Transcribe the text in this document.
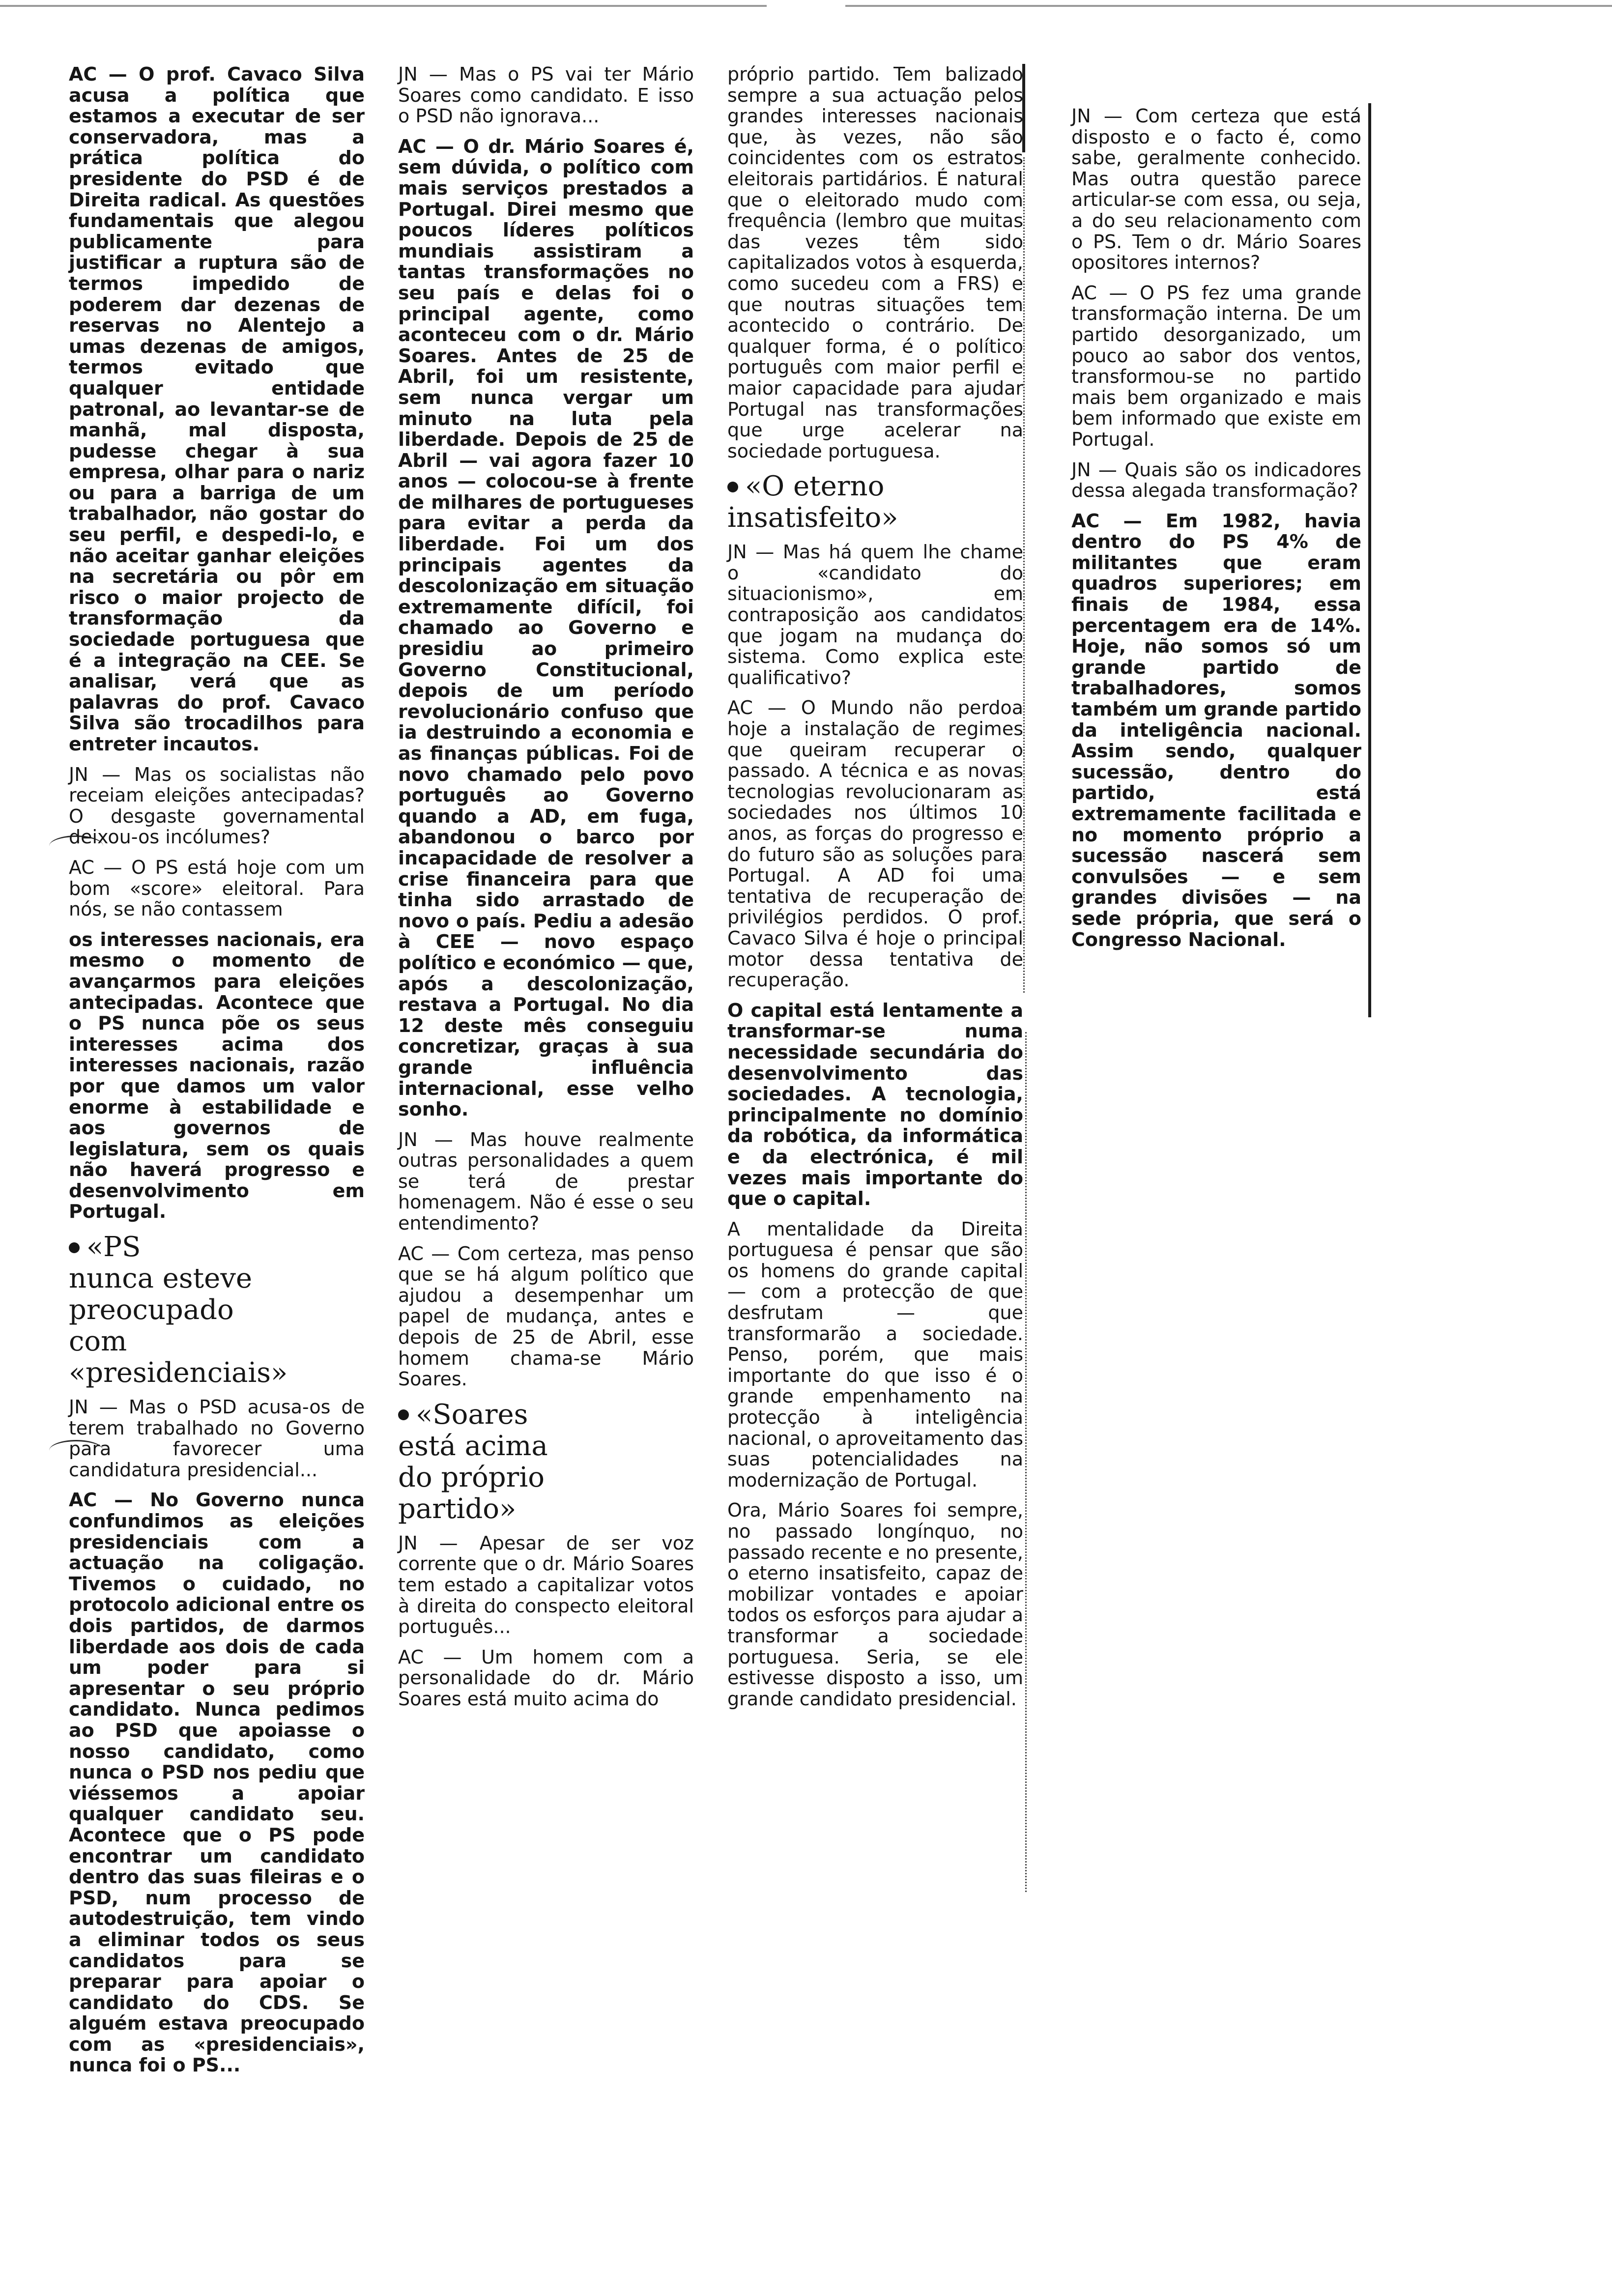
AC — O prof. Cavaco Silva acusa a política que estamos a executar de ser conservadora, mas a prática política do presidente do PSD é de Direita radical. As questões fundamentais que alegou publicamente para justificar a ruptura são de termos impedido de poderem dar dezenas de reservas no Alentejo a umas dezenas de amigos, termos evitado que qualquer entidade patronal, ao levantar-se de manhã, mal disposta, pudesse chegar à sua empresa, olhar para o nariz ou para a barriga de um trabalhador, não gostar do seu perfil, e despedi-lo, e não aceitar ganhar eleições na secretária ou pôr em risco o maior projecto de transformação da sociedade portuguesa que é a integração na CEE. Se analisar, verá que as palavras do prof. Cavaco Silva são trocadilhos para entreter incautos.

JN — Mas os socialistas não receiam eleições antecipadas? O desgaste governamental deixou-os incólumes?

AC — O PS está hoje com um bom «score» eleitoral. Para nós, se não contassem

os interesses nacionais, era mesmo o momento de avançarmos para eleições antecipadas. Acontece que o PS nunca põe os seus interesses acima dos interesses nacionais, razão por que damos um valor enorme à estabilidade e aos governos de legislatura, sem os quais não haverá progresso e desenvolvimento em Portugal.

«PS
nunca esteve
preocupado
com
«presidenciais»

JN — Mas o PSD acusa-os de terem trabalhado no Governo para favorecer uma candidatura presidencial...

AC — No Governo nunca confundimos as eleições presidenciais com a actuação na coligação. Tivemos o cuidado, no protocolo adicional entre os dois partidos, de darmos liberdade aos dois de cada um poder para si apresentar o seu próprio candidato. Nunca pedimos ao PSD que apoiasse o nosso candidato, como nunca o PSD nos pediu que viéssemos a apoiar qualquer candidato seu. Acontece que o PS pode encontrar um candidato dentro das suas fileiras e o PSD, num processo de autodestruição, tem vindo a eliminar todos os seus candidatos para se preparar para apoiar o candidato do CDS. Se alguém estava preocupado com as «presidenciais», nunca foi o PS...

JN — Mas o PS vai ter Mário Soares como candidato. E isso o PSD não ignorava...

AC — O dr. Mário Soares é, sem dúvida, o político com mais serviços prestados a Portugal. Direi mesmo que poucos líderes políticos mundiais assistiram a tantas transformações no seu país e delas foi o principal agente, como aconteceu com o dr. Mário Soares. Antes de 25 de Abril, foi um resistente, sem nunca vergar um minuto na luta pela liberdade. Depois de 25 de Abril — vai agora fazer 10 anos — colocou-se à frente de milhares de portugueses para evitar a perda da liberdade. Foi um dos principais agentes da descolonização em situação extremamente difícil, foi chamado ao Governo e presidiu ao primeiro Governo Constitucional, depois de um período revolucionário confuso que ia destruindo a economia e as finanças públicas. Foi de novo chamado pelo povo português ao Governo quando a AD, em fuga, abandonou o barco por incapacidade de resolver a crise financeira para que tinha sido arrastado de novo o país. Pediu a adesão à CEE — novo espaço político e económico — que, após a descolonização, restava a Portugal. No dia 12 deste mês conseguiu concretizar, graças à sua grande influência internacional, esse velho sonho.

JN — Mas houve realmente outras personalidades a quem se terá de prestar homenagem. Não é esse o seu entendimento?

AC — Com certeza, mas penso que se há algum político que ajudou a desempenhar um papel de mudança, antes e depois de 25 de Abril, esse homem chama-se Mário Soares.

«Soares
está acima
do próprio
partido»

JN — Apesar de ser voz corrente que o dr. Mário Soares tem estado a capitalizar votos à direita do conspecto eleitoral português...

AC — Um homem com a personalidade do dr. Mário Soares está muito acima do

próprio partido. Tem balizado sempre a sua actuação pelos grandes interesses nacionais que, às vezes, não são coincidentes com os estratos eleitorais partidários. É natural que o eleitorado mudo com frequência (lembro que muitas das vezes têm sido capitalizados votos à esquerda, como sucedeu com a FRS) e que noutras situações tem acontecido o contrário. De qualquer forma, é o político português com maior perfil e maior capacidade para ajudar Portugal nas transformações que urge acelerar na sociedade portuguesa.

«O eterno
insatisfeito»

JN — Mas há quem lhe chame o «candidato do situacionismo», em contraposição aos candidatos que jogam na mudança do sistema. Como explica este qualificativo?

AC — O Mundo não perdoa hoje a instalação de regimes que queiram recuperar o passado. A técnica e as novas tecnologias revolucionaram as sociedades nos últimos 10 anos, as forças do progresso e do futuro são as soluções para Portugal. A AD foi uma tentativa de recuperação de privilégios perdidos. O prof. Cavaco Silva é hoje o principal motor dessa tentativa de recuperação.

O capital está lentamente a transformar-se numa necessidade secundária do desenvolvimento das sociedades. A tecnologia, principalmente no domínio da robótica, da informática e da electrónica, é mil vezes mais importante do que o capital.

A mentalidade da Direita portuguesa é pensar que são os homens do grande capital — com a protecção de que desfrutam — que transformarão a sociedade. Penso, porém, que mais importante do que isso é o grande empenhamento na protecção à inteligência nacional, o aproveitamento das suas potencialidades na modernização de Portugal.

Ora, Mário Soares foi sempre, no passado longínquo, no passado recente e no presente, o eterno insatisfeito, capaz de mobilizar vontades e apoiar todos os esforços para ajudar a transformar a sociedade portuguesa. Seria, se ele estivesse disposto a isso, um grande candidato presidencial.

JN — Com certeza que está disposto e o facto é, como sabe, geralmente conhecido. Mas outra questão parece articular-se com essa, ou seja, a do seu relacionamento com o PS. Tem o dr. Mário Soares opositores internos?

AC — O PS fez uma grande transformação interna. De um partido desorganizado, um pouco ao sabor dos ventos, transformou-se no partido mais bem organizado e mais bem informado que existe em Portugal.

JN — Quais são os indicadores dessa alegada transformação?

AC — Em 1982, havia dentro do PS 4% de militantes que eram quadros superiores; em finais de 1984, essa percentagem era de 14%. Hoje, não somos só um grande partido de trabalhadores, somos também um grande partido da inteligência nacional. Assim sendo, qualquer sucessão, dentro do partido, está extremamente facilitada e no momento próprio a sucessão nascerá sem convulsões — e sem grandes divisões — na sede própria, que será o Congresso Nacional.
